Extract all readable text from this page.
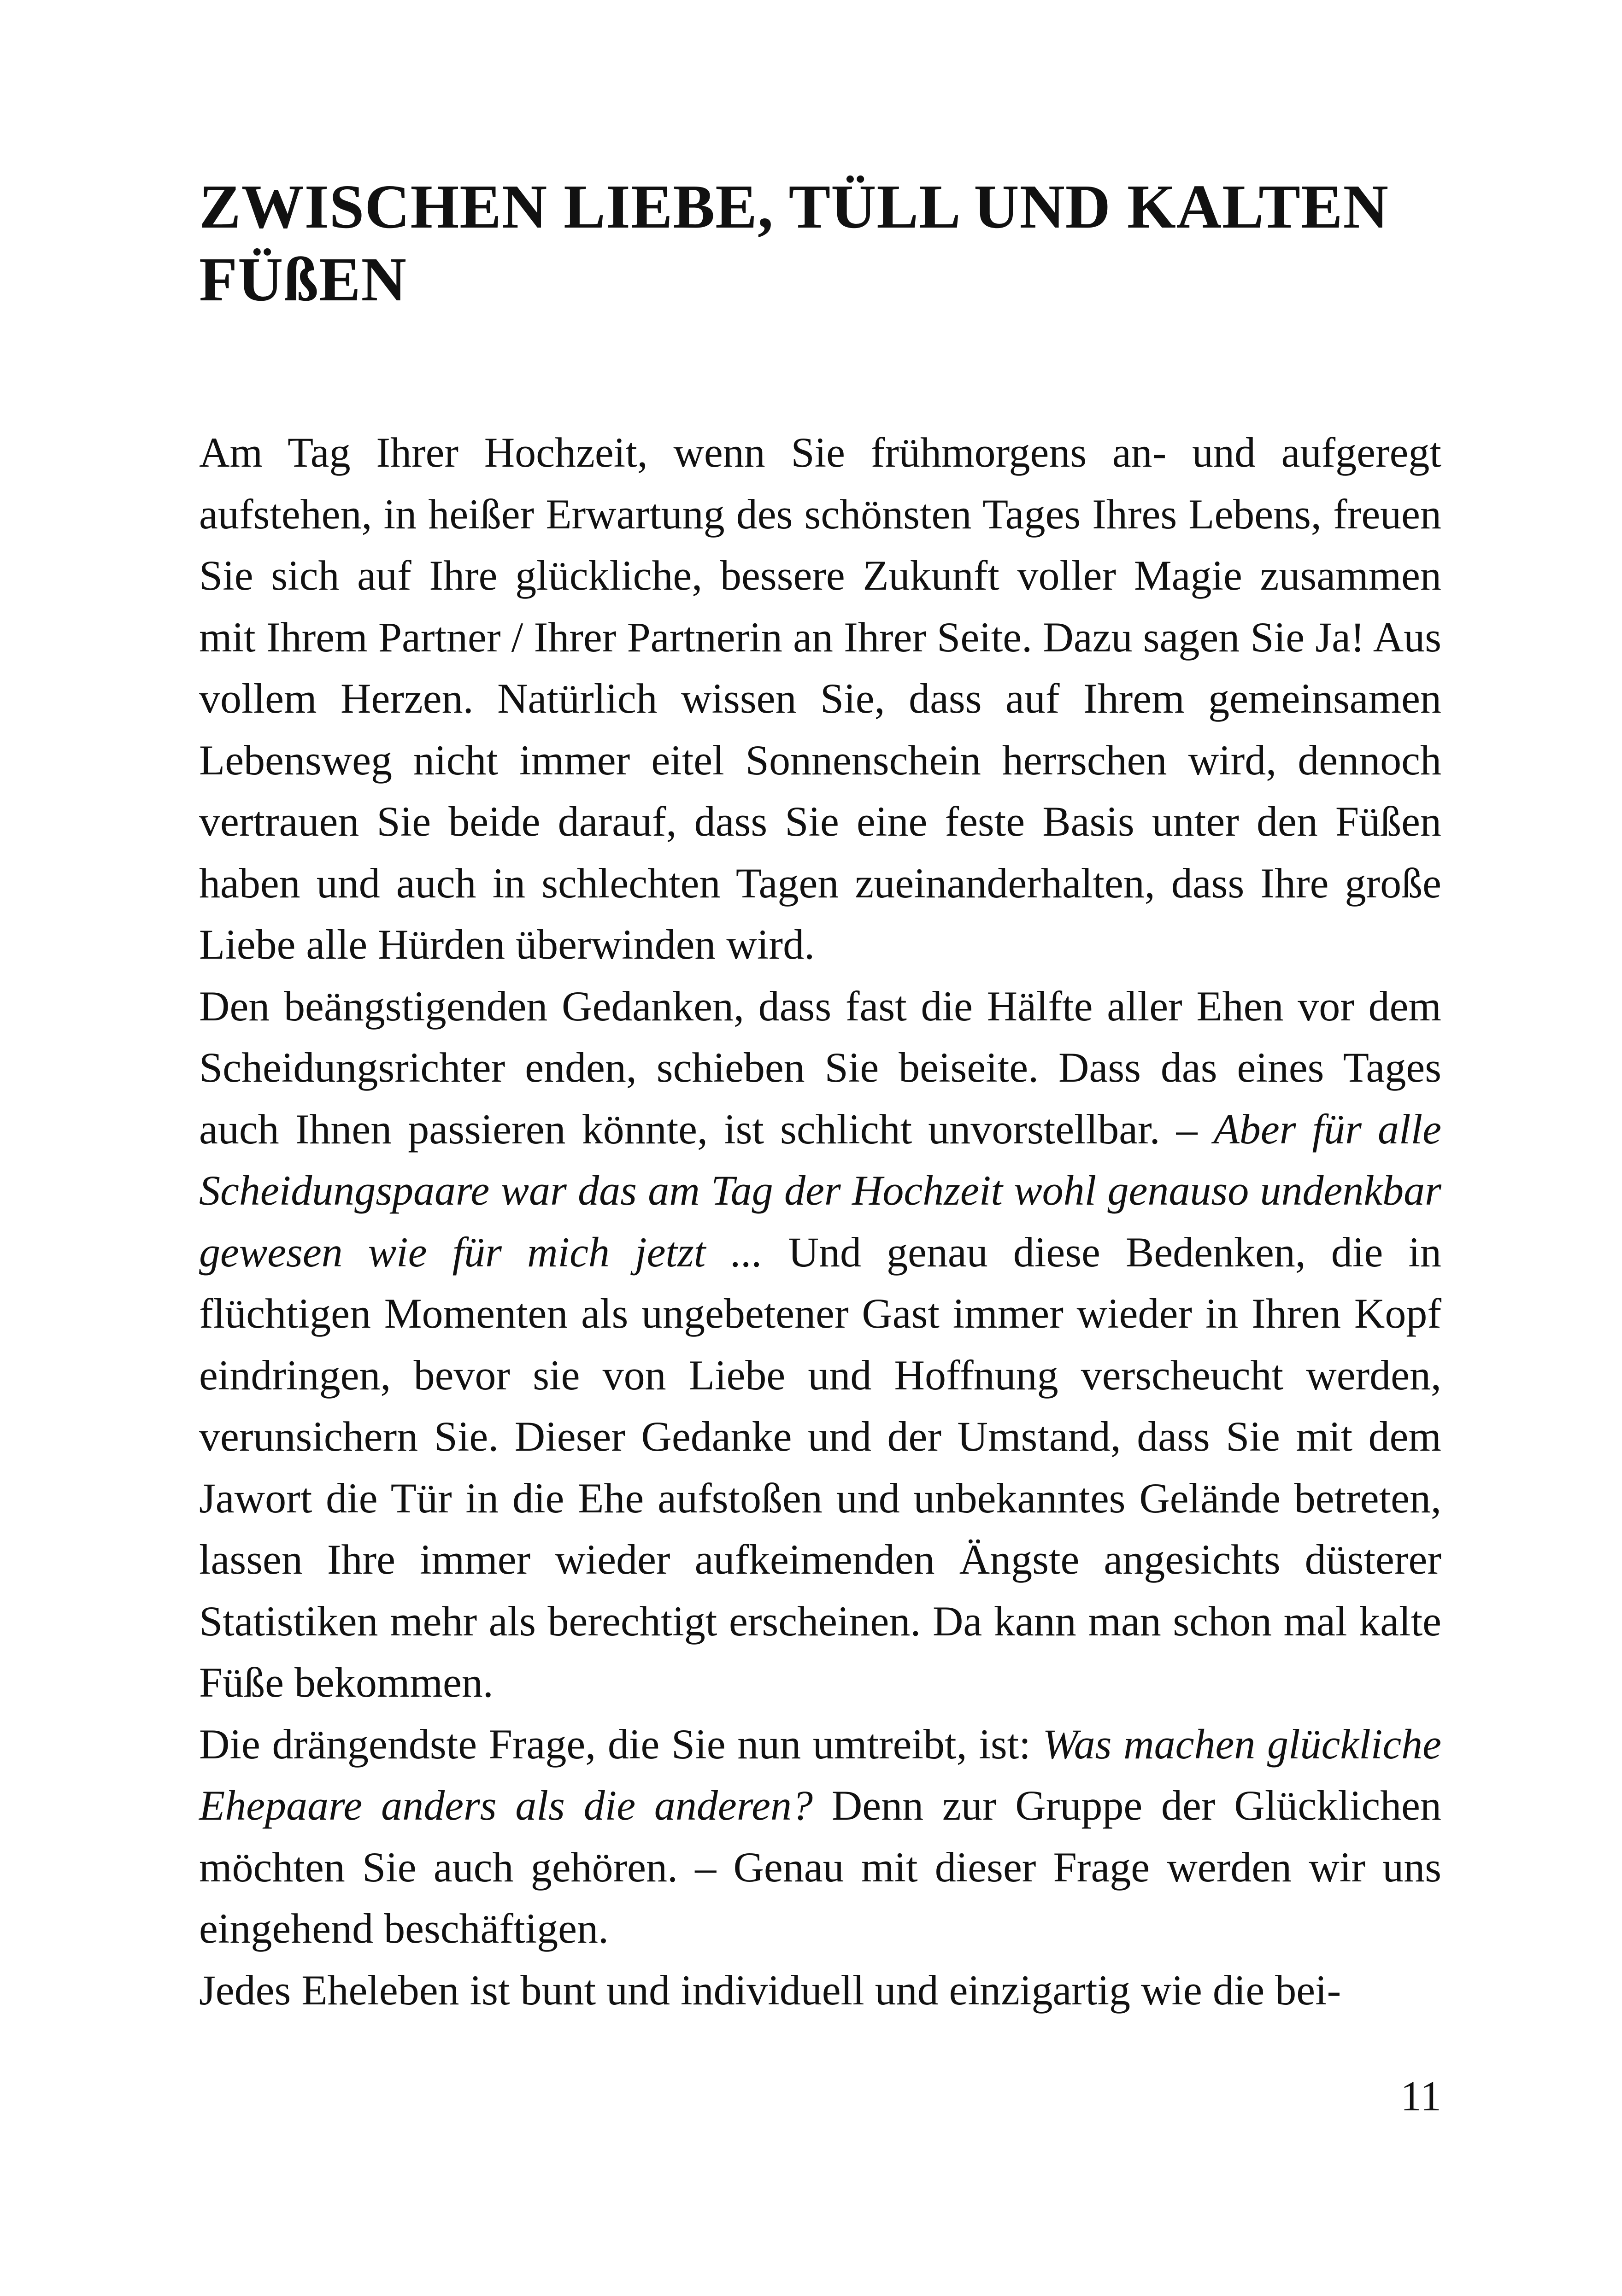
ZWISCHEN LIEBE, TÜLL UND KALTEN
FÜßEN

Am Tag Ihrer Hochzeit, wenn Sie frühmorgens an- und aufgeregt aufstehen, in heißer Erwartung des schönsten Tages Ihres Lebens, freuen Sie sich auf Ihre glückliche, bessere Zukunft voller Magie zusammen mit Ihrem Partner / Ihrer Partnerin an Ihrer Seite. Dazu sagen Sie Ja! Aus vollem Herzen. Natürlich wissen Sie, dass auf Ihrem gemeinsamen Lebensweg nicht immer eitel Sonnenschein herrschen wird, dennoch vertrauen Sie beide darauf, dass Sie eine feste Basis unter den Füßen haben und auch in schlechten Tagen zueinanderhalten, dass Ihre große Liebe alle Hürden überwinden wird.

Den beängstigenden Gedanken, dass fast die Hälfte aller Ehen vor dem Scheidungsrichter enden, schieben Sie beiseite. Dass das eines Tages auch Ihnen passieren könnte, ist schlicht unvorstellbar. – Aber für alle Scheidungspaare war das am Tag der Hochzeit wohl genauso undenkbar gewesen wie für mich jetzt ... Und genau diese Bedenken, die in flüchtigen Momenten als ungebetener Gast immer wieder in Ihren Kopf eindringen, bevor sie von Liebe und Hoffnung verscheucht werden, verunsichern Sie. Dieser Gedanke und der Umstand, dass Sie mit dem Jawort die Tür in die Ehe aufstoßen und unbekanntes Gelände betreten, lassen Ihre immer wieder aufkeimenden Ängste angesichts düsterer Statistiken mehr als berechtigt erscheinen. Da kann man schon mal kalte Füße bekommen.

Die drängendste Frage, die Sie nun umtreibt, ist: Was machen glückliche Ehepaare anders als die anderen? Denn zur Gruppe der Glücklichen möchten Sie auch gehören. – Genau mit dieser Frage werden wir uns eingehend beschäftigen.

Jedes Eheleben ist bunt und individuell und einzigartig wie die bei-

11
